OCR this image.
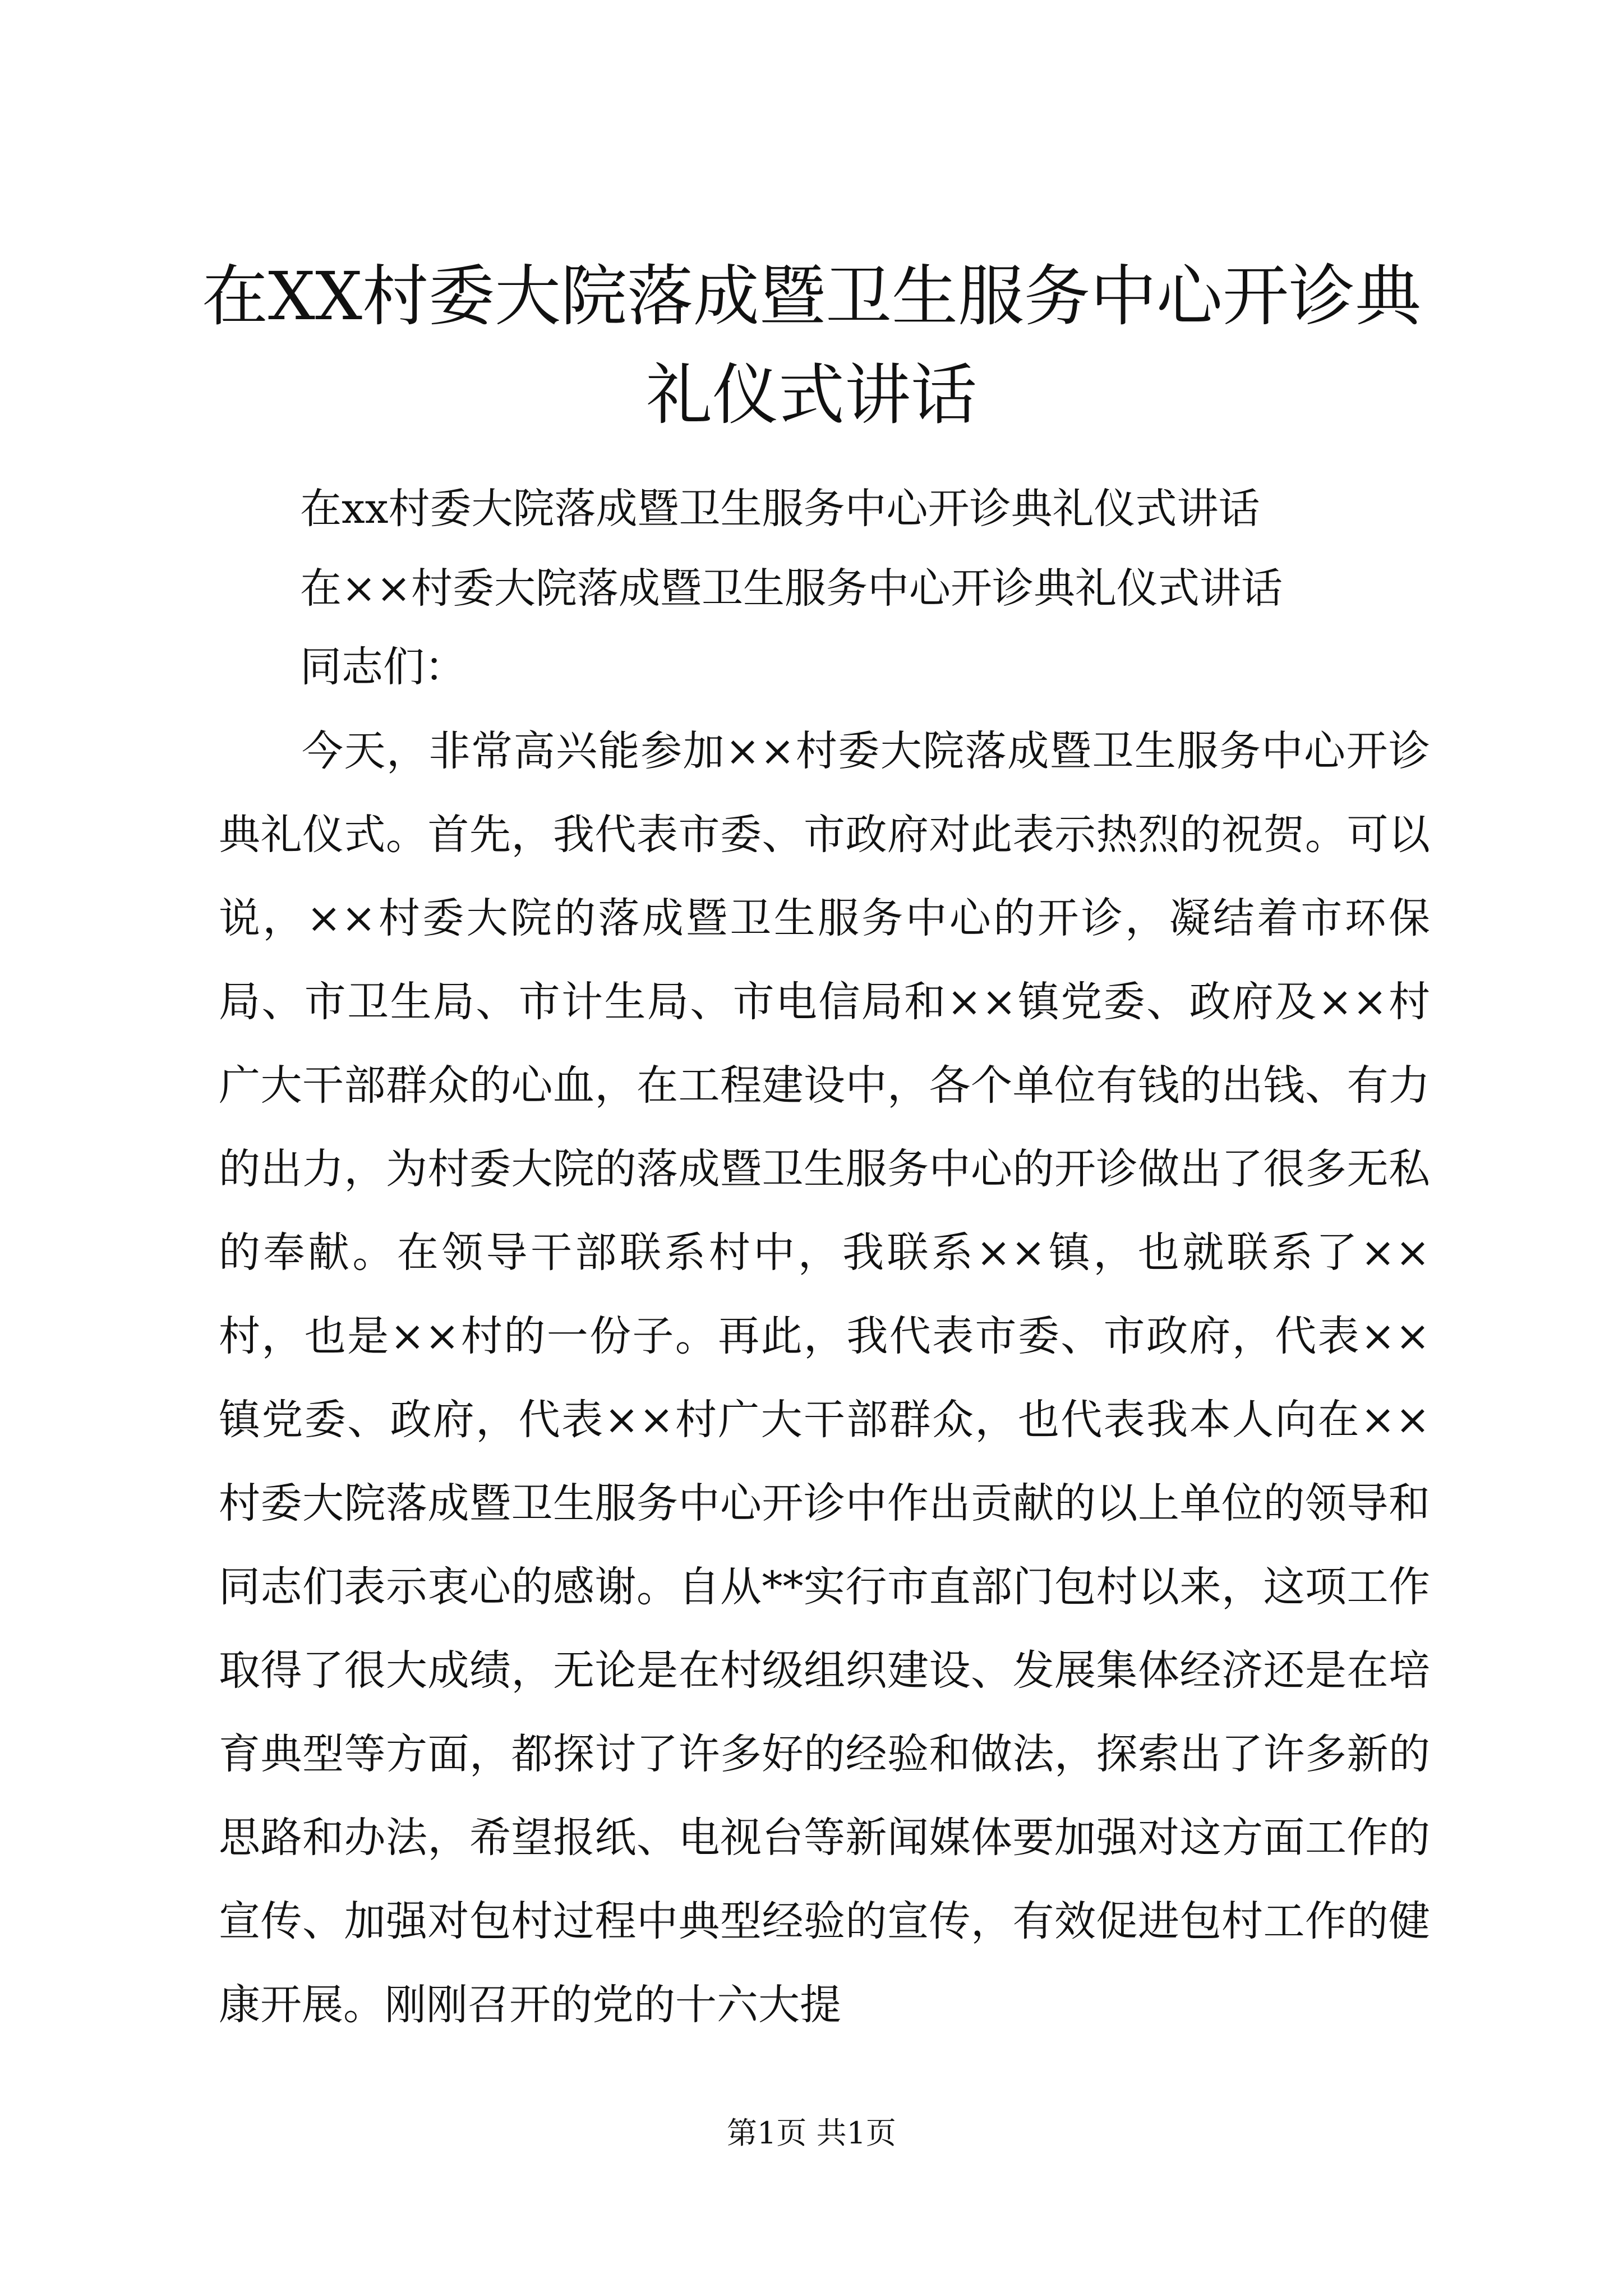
在XX村委大院落成暨卫生服务中心开诊典礼仪式讲话

在xx村委大院落成暨卫生服务中心开诊典礼仪式讲话

在××村委大院落成暨卫生服务中心开诊典礼仪式讲话

同志们：

今天，非常高兴能参加××村委大院落成暨卫生服务中心开诊典礼仪式。首先，我代表市委、市政府对此表示热烈的祝贺。可以说，××村委大院的落成暨卫生服务中心的开诊，凝结着市环保局、市卫生局、市计生局、市电信局和××镇党委、政府及××村广大干部群众的心血，在工程建设中，各个单位有钱的出钱、有力的出力，为村委大院的落成暨卫生服务中心的开诊做出了很多无私的奉献。在领导干部联系村中，我联系××镇，也就联系了××村，也是××村的一份子。再此，我代表市委、市政府，代表××镇党委、政府，代表××村广大干部群众，也代表我本人向在××村委大院落成暨卫生服务中心开诊中作出贡献的以上单位的领导和同志们表示衷心的感谢。自从**实行市直部门包村以来，这项工作取得了很大成绩，无论是在村级组织建设、发展集体经济还是在培育典型等方面，都探讨了许多好的经验和做法，探索出了许多新的思路和办法，希望报纸、电视台等新闻媒体要加强对这方面工作的宣传、加强对包村过程中典型经验的宣传，有效促进包村工作的健康开展。刚刚召开的党的十六大提

第1页 共1页
